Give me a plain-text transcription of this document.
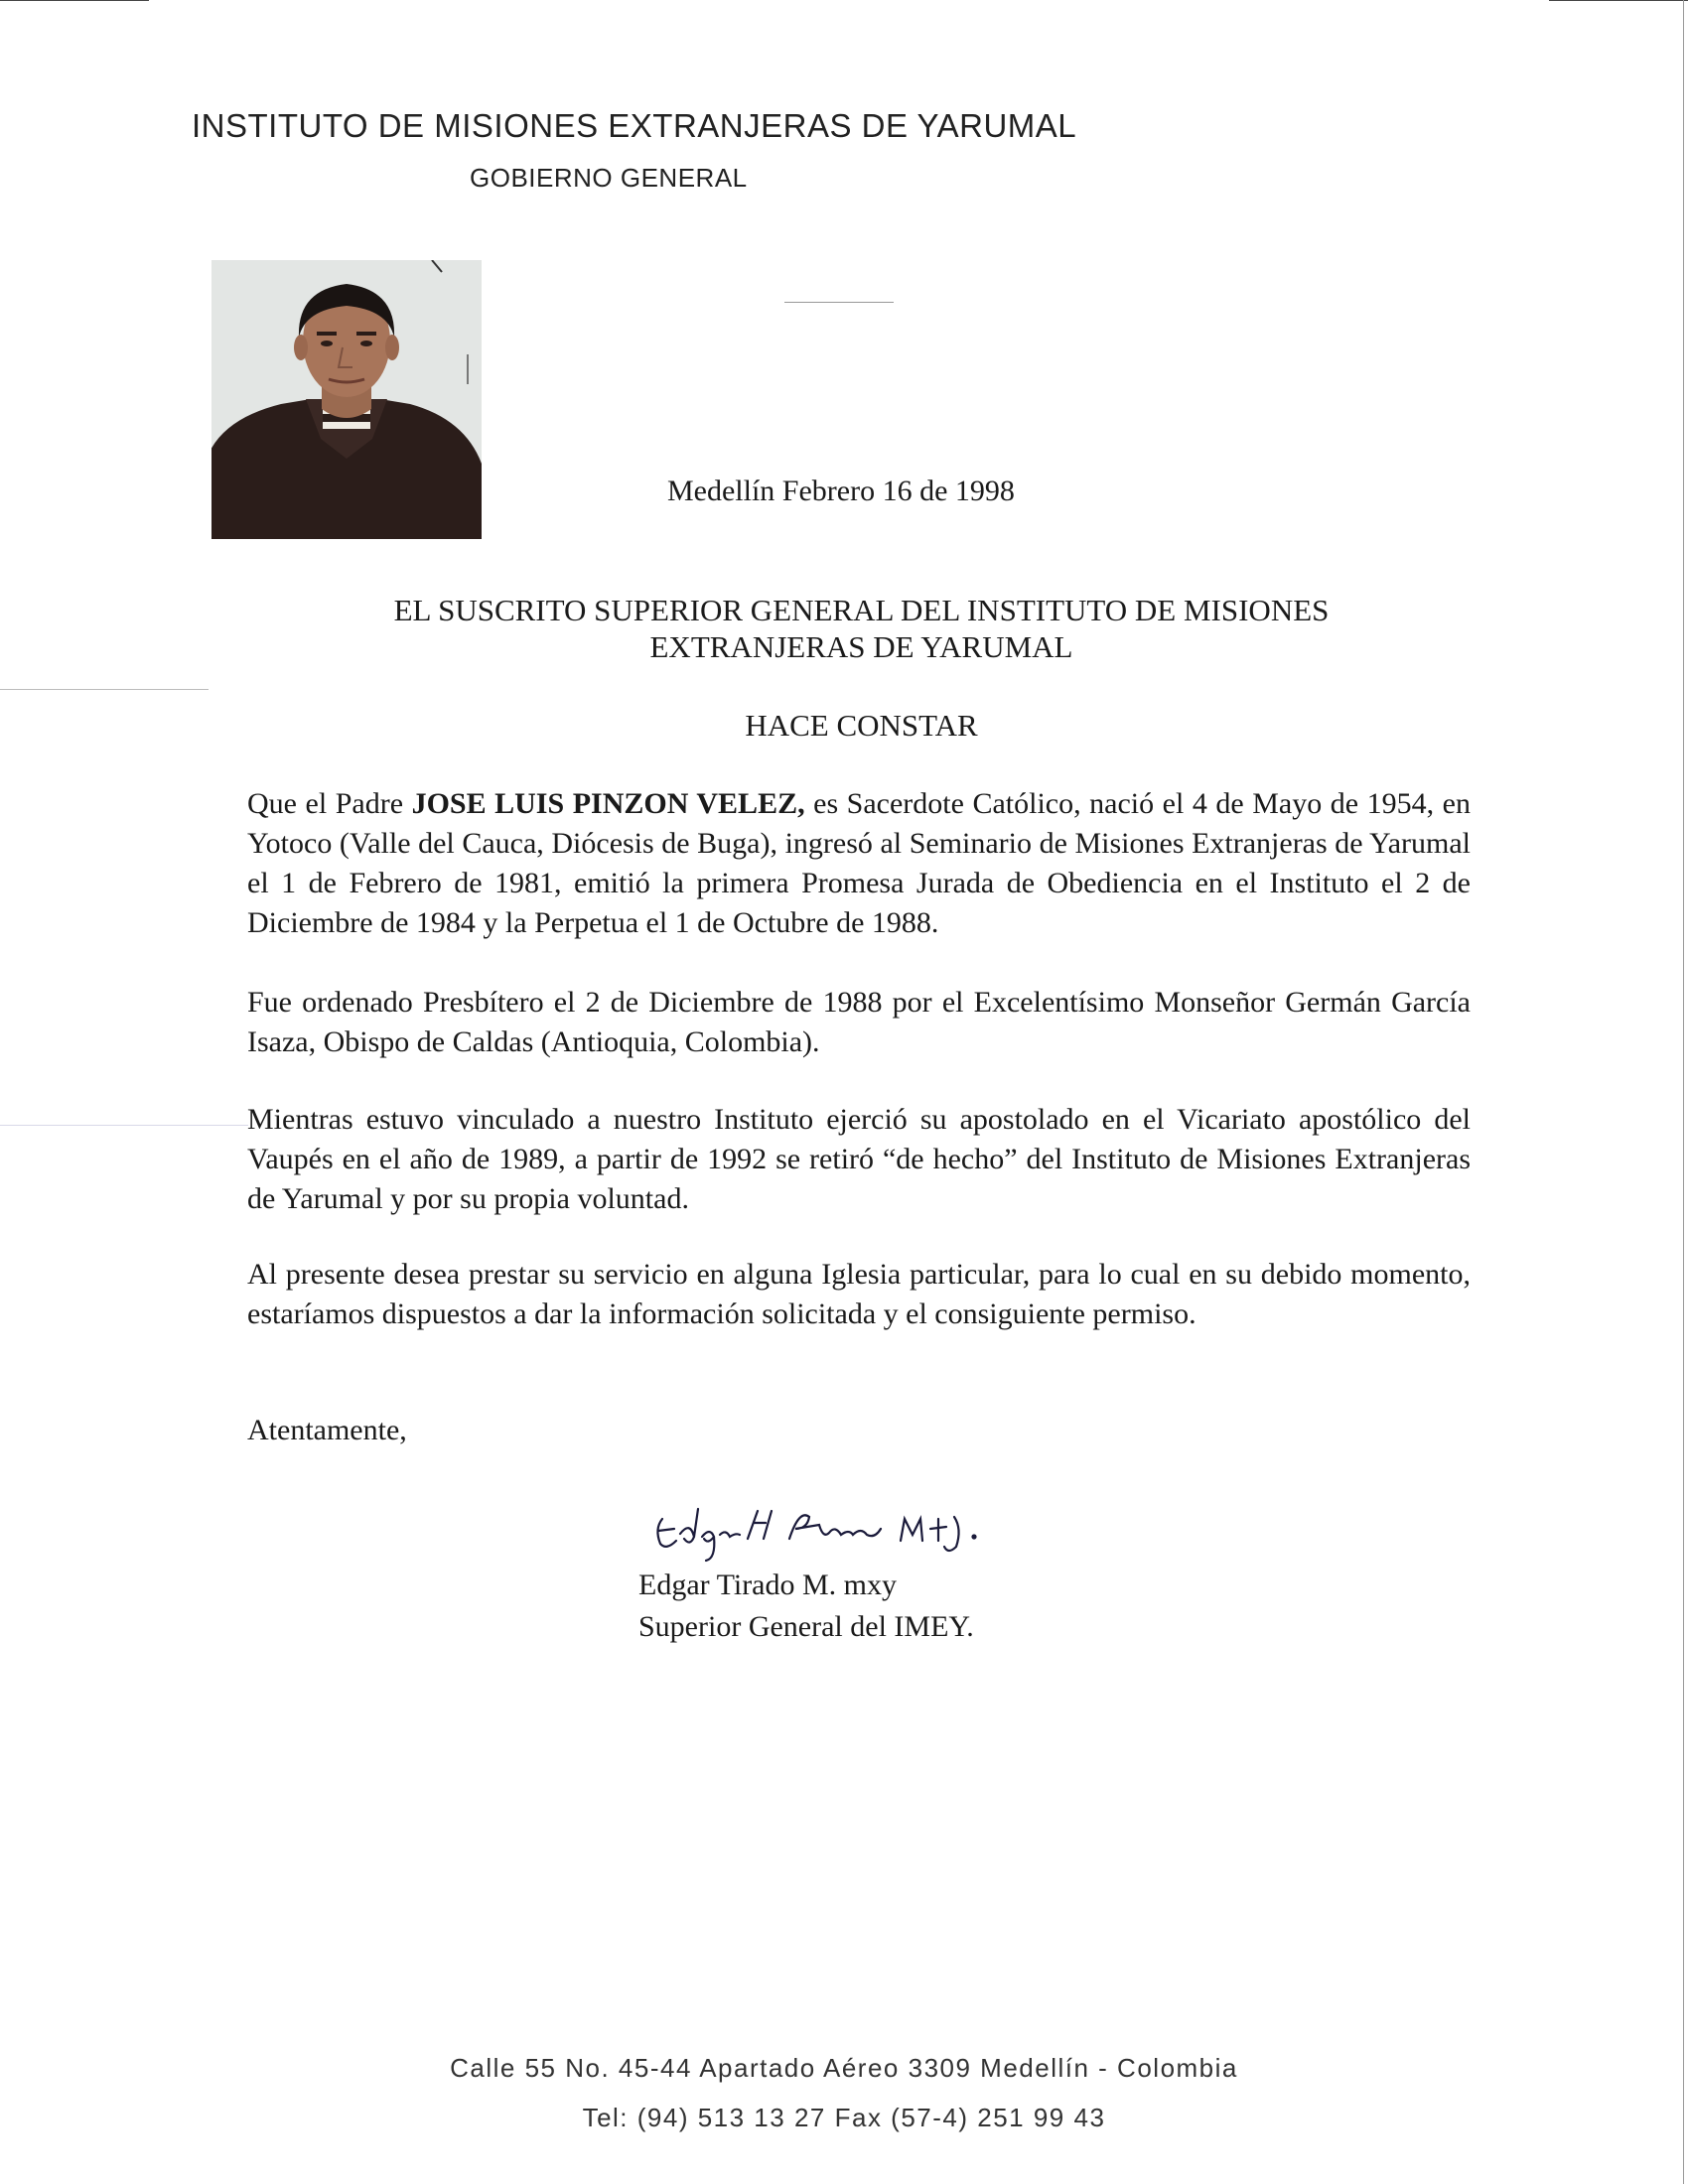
INSTITUTO DE MISIONES EXTRANJERAS DE YARUMAL
GOBIERNO GENERAL
Medellín Febrero 16 de 1998
EL SUSCRITO SUPERIOR GENERAL DEL INSTITUTO DE MISIONES
EXTRANJERAS DE YARUMAL
HACE CONSTAR
Que el Padre JOSE LUIS PINZON VELEZ, es Sacerdote Católico, nació el 4 de Mayo de 1954, en Yotoco (Valle del Cauca, Diócesis de Buga), ingresó al Seminario de Misiones Extranjeras de Yarumal el 1 de Febrero de 1981, emitió la primera Promesa Jurada de Obediencia en el Instituto el 2 de Diciembre de 1984 y la Perpetua el 1 de Octubre de 1988.
Fue ordenado Presbítero el 2 de Diciembre de 1988 por el Excelentísimo Monseñor Germán García Isaza, Obispo de Caldas (Antioquia, Colombia).
Mientras estuvo vinculado a nuestro Instituto ejerció su apostolado en el Vicariato apostólico del Vaupés en el año de 1989, a partir de 1992 se retiró “de hecho” del Instituto de Misiones Extranjeras de Yarumal y por su propia voluntad.
Al presente desea prestar su servicio en alguna Iglesia particular, para lo cual en su debido momento, estaríamos dispuestos a dar la información solicitada y el consiguiente permiso.
Atentamente,
Edgar Tirado M. mxy
Superior General del IMEY.
Calle 55 No. 45-44 Apartado Aéreo 3309 Medellín - Colombia
Tel: (94) 513 13 27 Fax (57-4) 251 99 43
